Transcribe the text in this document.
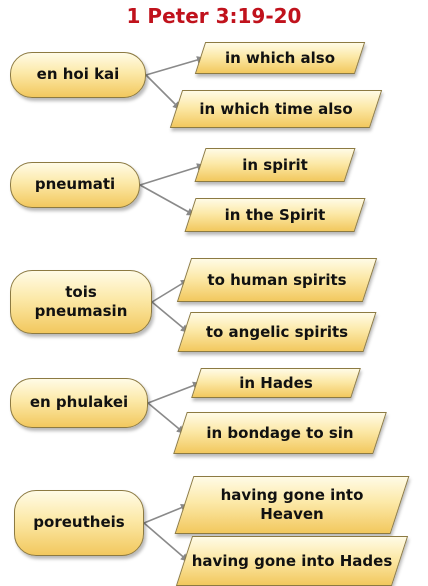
1 Peter 3:19-20
en hoi kai
in which also
in which time also
pneumati
in spirit
in the Spirit
tois pneumasin
to human spirits
to angelic spirits
en phulakei
in Hades
in bondage to sin
poreutheis
having gone into Heaven
having gone into Hades
